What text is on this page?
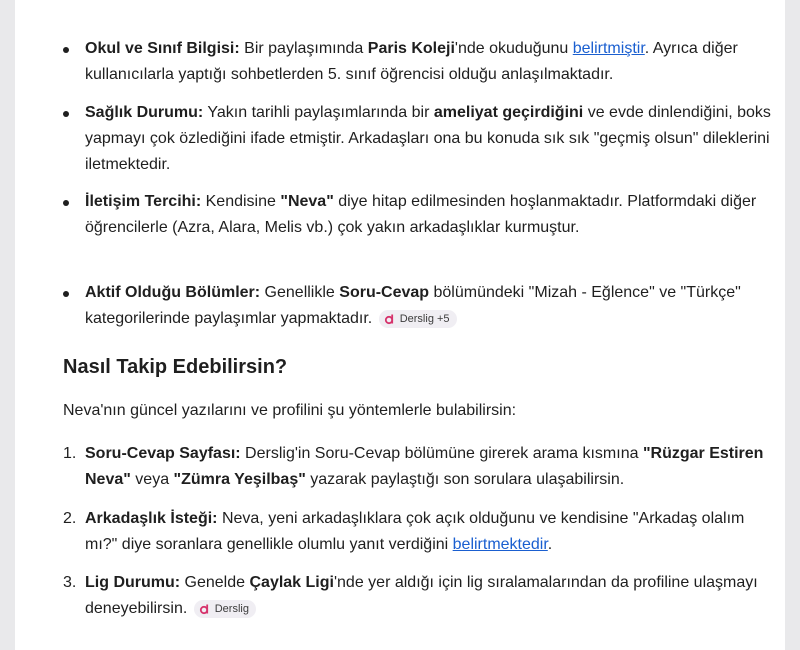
Okul ve Sınıf Bilgisi: Bir paylaşımında Paris Koleji'nde okuduğunu belirtmiştir. Ayrıca diğer kullanıcılarla yaptığı sohbetlerden 5. sınıf öğrencisi olduğu anlaşılmaktadır.
Sağlık Durumu: Yakın tarihli paylaşımlarında bir ameliyat geçirdiğini ve evde dinlendiğini, boks yapmayı çok özlediğini ifade etmiştir. Arkadaşları ona bu konuda sık sık "geçmiş olsun" dileklerini iletmektedir.
İletişim Tercihi: Kendisine "Neva" diye hitap edilmesinden hoşlanmaktadır. Platformdaki diğer öğrencilerle (Azra, Alara, Melis vb.) çok yakın arkadaşlıklar kurmuştur.
Aktif Olduğu Bölümler: Genellikle Soru-Cevap bölümündeki "Mizah - Eğlence" ve "Türkçe" kategorilerinde paylaşımlar yapmaktadır. Derslig +5
Nasıl Takip Edebilirsin?
Neva'nın güncel yazılarını ve profilini şu yöntemlerle bulabilirsin:
1. Soru-Cevap Sayfası: Derslig'in Soru-Cevap bölümüne girerek arama kısmına "Rüzgar Estiren Neva" veya "Zümra Yeşilbaş" yazarak paylaştığı son sorulara ulaşabilirsin.
2. Arkadaşlık İsteği: Neva, yeni arkadaşlıklara çok açık olduğunu ve kendisine "Arkadaş olalım mı?" diye soranlara genellikle olumlu yanıt verdiğini belirtmektedir.
3. Lig Durumu: Genelde Çaylak Ligi'nde yer aldığı için lig sıralamalarından da profiline ulaşmayı deneyebilirsin. Derslig
